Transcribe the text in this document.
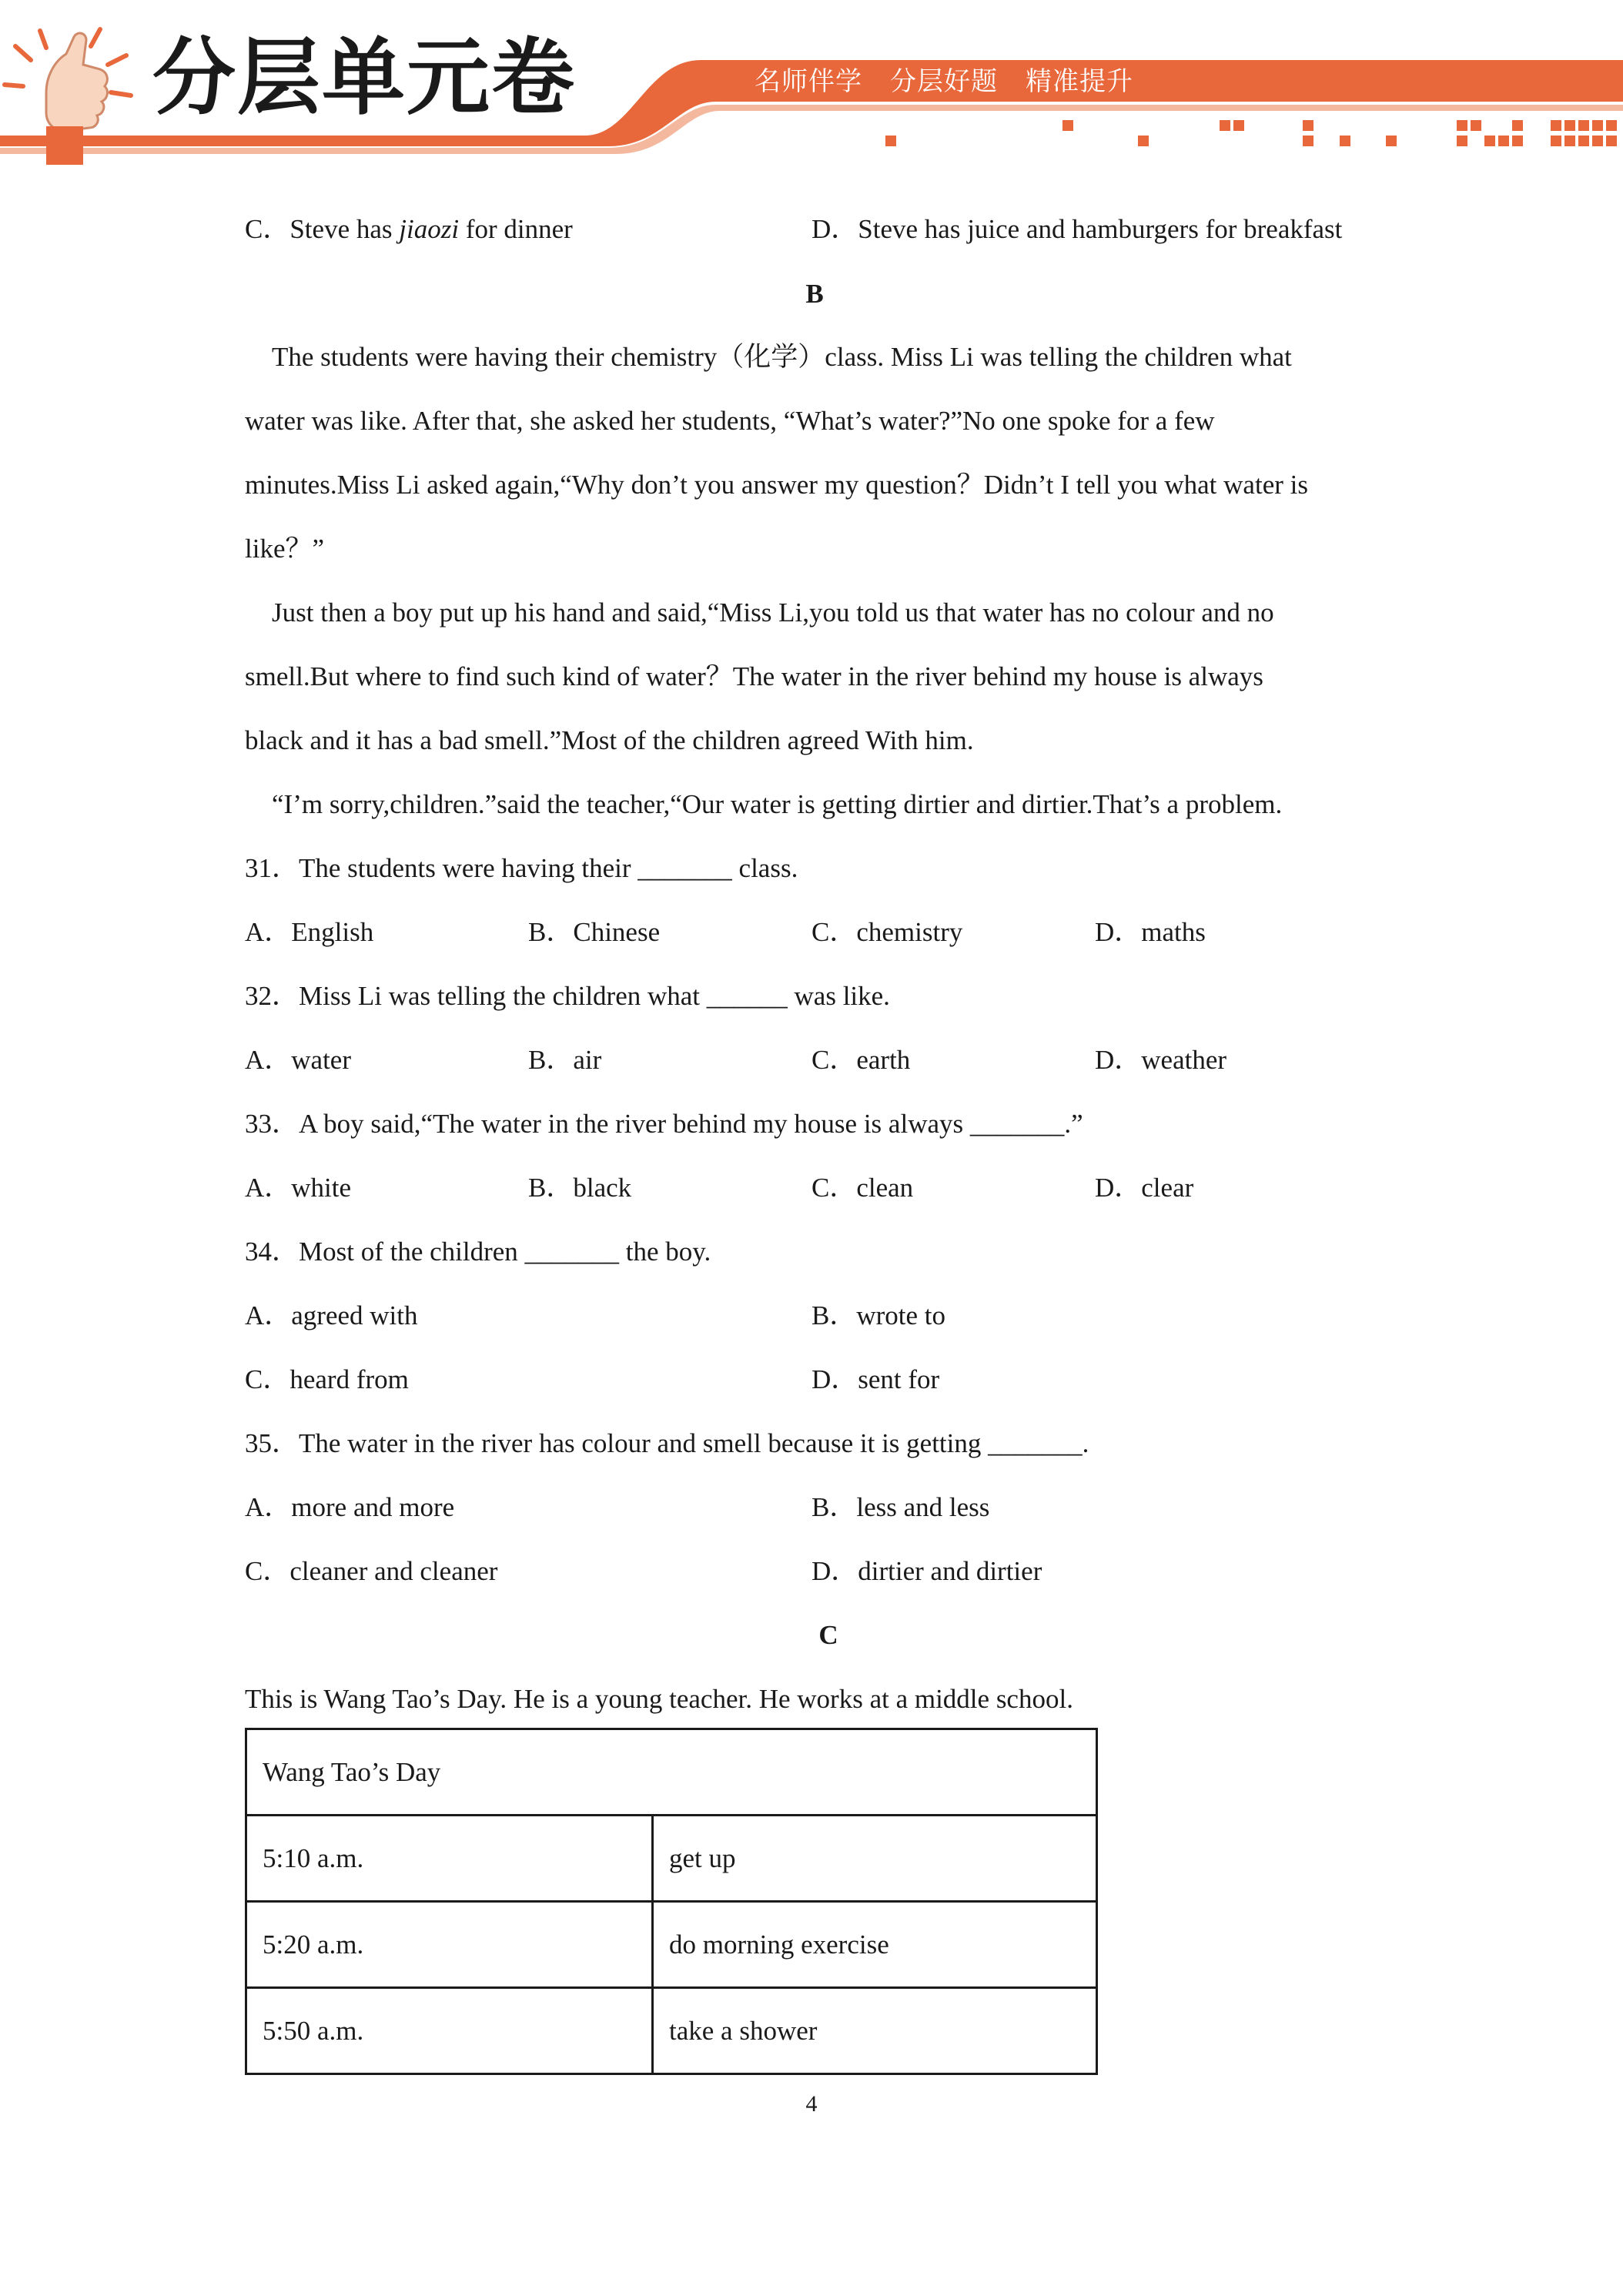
分层单元卷	名师伴学 分层好题 精准提升
C．Steve has jiaozi for dinner	D．Steve has juice and hamburgers for breakfast
B
　The students were having their chemistry（化学）class. Miss Li was telling the children what
water was like. After that, she asked her students, “What’s water?”No one spoke for a few
minutes.Miss Li asked again,“Why don’t you answer my question？Didn’t I tell you what water is
like？”
　Just then a boy put up his hand and said,“Miss Li,you told us that water has no colour and no
smell.But where to find such kind of water？The water in the river behind my house is always
black and it has a bad smell.”Most of the children agreed With him.
　“I’m sorry,children.”said the teacher,“Our water is getting dirtier and dirtier.That’s a problem.
31．The students were having their _______ class.
A．English	B．Chinese	C．chemistry	D．maths
32．Miss Li was telling the children what ______ was like.
A．water	B．air	C．earth	D．weather
33．A boy said,“The water in the river behind my house is always _______.”
A．white	B．black	C．clean	D．clear
34．Most of the children _______ the boy.
A．agreed with	B．wrote to
C．heard from	D．sent for
35．The water in the river has colour and smell because it is getting _______.
A．more and more	B．less and less
C．cleaner and cleaner	D．dirtier and dirtier
C
This is Wang Tao’s Day. He is a young teacher. He works at a middle school.
Wang Tao’s Day	
5:10 a.m.	get up
5:20 a.m.	do morning exercise
5:50 a.m.	take a shower
4
